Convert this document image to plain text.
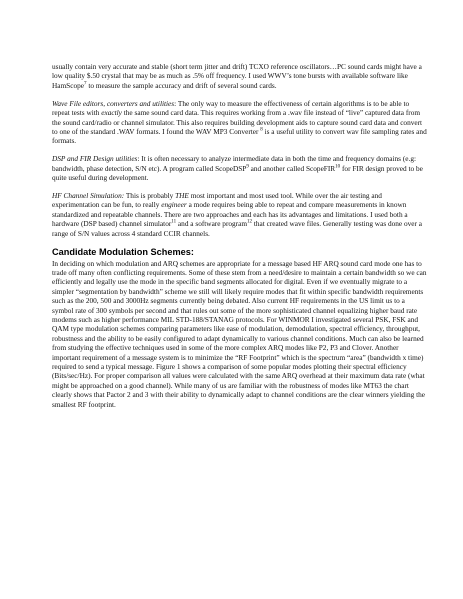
usually contain very accurate and stable (short term jitter and drift) TCXO reference oscillators…PC sound cards might have a low quality $.50 crystal that may be as much as .5% off frequency. I used WWV’s tone bursts with available software like HamScope$^7$ to measure the sample accuracy and drift of several sound cards.

Wave File editors, converters and utilities: The only way to measure the effectiveness of certain algorithms is to be able to repeat tests with exactly the same sound card data. This requires working from a .wav file instead of “live” captured data from the sound card/radio or channel simulator. This also requires building development aids to capture sound card data and convert to one of the standard .WAV formats. I found the WAV MP3 Converter $^8$ is a useful utility to convert wav file sampling rates and formats.

DSP and FIR Design utilities: It is often necessary to analyze intermediate data in both the time and frequency domains (e.g: bandwidth, phase detection, S/N etc). A program called ScopeDSP$^9$ and another called ScopeFIR$^{10}$ for FIR design proved to be quite useful during development.

HF Channel Simulation: This is probably THE most important and most used tool. While over the air testing and experimentation can be fun, to really engineer a mode requires being able to repeat and compare measurements in known standardized and repeatable channels. There are two approaches and each has its advantages and limitations. I used both a hardware (DSP based) channel simulator$^{11}$ and a software program$^{12}$ that created wave files. Generally testing was done over a range of S/N values across 4 standard CCIR channels.

Candidate Modulation Schemes:

In deciding on which modulation and ARQ schemes are appropriate for a message based HF ARQ sound card mode one has to trade off many often conflicting requirements. Some of these stem from a need/desire to maintain a certain bandwidth so we can efficiently and legally use the mode in the specific band segments allocated for digital. Even if we eventually migrate to a simpler “segmentation by bandwidth” scheme we still will likely require modes that fit within specific bandwidth requirements such as the 200, 500 and 3000Hz segments currently being debated. Also current HF requirements in the US limit us to a symbol rate of 300 symbols per second and that rules out some of the more sophisticated channel equalizing higher baud rate modems such as higher performance MIL STD-188/STANAG protocols. For WINMOR I investigated several PSK, FSK and QAM type modulation schemes comparing parameters like ease of modulation, demodulation, spectral efficiency, throughput, robustness and the ability to be easily configured to adapt dynamically to various channel conditions. Much can also be learned from studying the effective techniques used in some of the more complex ARQ modes like P2, P3 and Clover. Another important requirement of a message system is to minimize the “RF Footprint” which is the spectrum “area” (bandwidth x time) required to send a typical message. Figure 1 shows a comparison of some popular modes plotting their spectral efficiency (Bits/sec/Hz). For proper comparison all values were calculated with the same ARQ overhead at their maximum data rate (what might be approached on a good channel). While many of us are familiar with the robustness of modes like MT63 the chart clearly shows that Pactor 2 and 3 with their ability to dynamically adapt to channel conditions are the clear winners yielding the smallest RF footprint.
